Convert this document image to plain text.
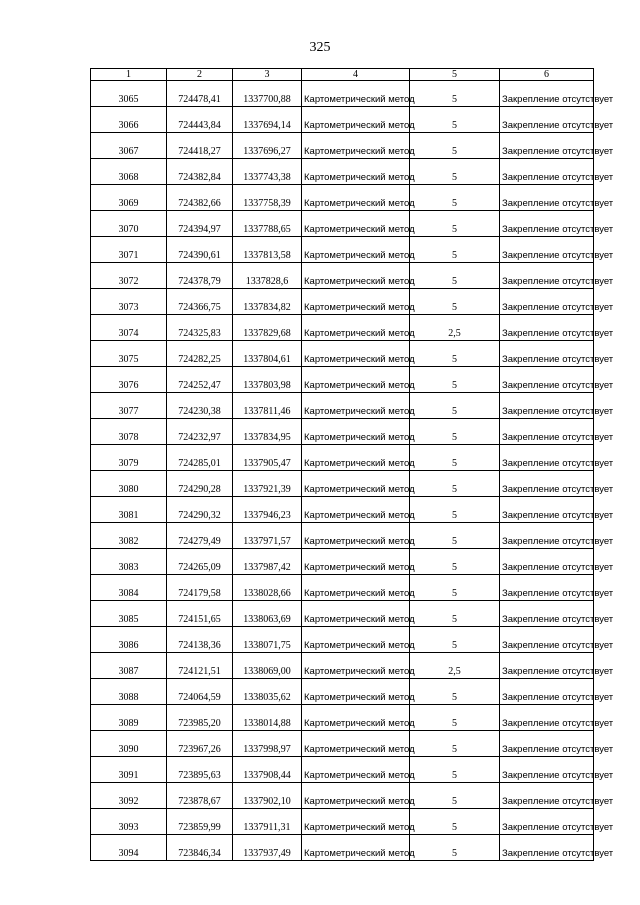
325
1	2	3	4	5	6
3065	724478,41	1337700,88	Картометрический метод	5	Закрепление отсутствует
3066	724443,84	1337694,14	Картометрический метод	5	Закрепление отсутствует
3067	724418,27	1337696,27	Картометрический метод	5	Закрепление отсутствует
3068	724382,84	1337743,38	Картометрический метод	5	Закрепление отсутствует
3069	724382,66	1337758,39	Картометрический метод	5	Закрепление отсутствует
3070	724394,97	1337788,65	Картометрический метод	5	Закрепление отсутствует
3071	724390,61	1337813,58	Картометрический метод	5	Закрепление отсутствует
3072	724378,79	1337828,6	Картометрический метод	5	Закрепление отсутствует
3073	724366,75	1337834,82	Картометрический метод	5	Закрепление отсутствует
3074	724325,83	1337829,68	Картометрический метод	2,5	Закрепление отсутствует
3075	724282,25	1337804,61	Картометрический метод	5	Закрепление отсутствует
3076	724252,47	1337803,98	Картометрический метод	5	Закрепление отсутствует
3077	724230,38	1337811,46	Картометрический метод	5	Закрепление отсутствует
3078	724232,97	1337834,95	Картометрический метод	5	Закрепление отсутствует
3079	724285,01	1337905,47	Картометрический метод	5	Закрепление отсутствует
3080	724290,28	1337921,39	Картометрический метод	5	Закрепление отсутствует
3081	724290,32	1337946,23	Картометрический метод	5	Закрепление отсутствует
3082	724279,49	1337971,57	Картометрический метод	5	Закрепление отсутствует
3083	724265,09	1337987,42	Картометрический метод	5	Закрепление отсутствует
3084	724179,58	1338028,66	Картометрический метод	5	Закрепление отсутствует
3085	724151,65	1338063,69	Картометрический метод	5	Закрепление отсутствует
3086	724138,36	1338071,75	Картометрический метод	5	Закрепление отсутствует
3087	724121,51	1338069,00	Картометрический метод	2,5	Закрепление отсутствует
3088	724064,59	1338035,62	Картометрический метод	5	Закрепление отсутствует
3089	723985,20	1338014,88	Картометрический метод	5	Закрепление отсутствует
3090	723967,26	1337998,97	Картометрический метод	5	Закрепление отсутствует
3091	723895,63	1337908,44	Картометрический метод	5	Закрепление отсутствует
3092	723878,67	1337902,10	Картометрический метод	5	Закрепление отсутствует
3093	723859,99	1337911,31	Картометрический метод	5	Закрепление отсутствует
3094	723846,34	1337937,49	Картометрический метод	5	Закрепление отсутствует
